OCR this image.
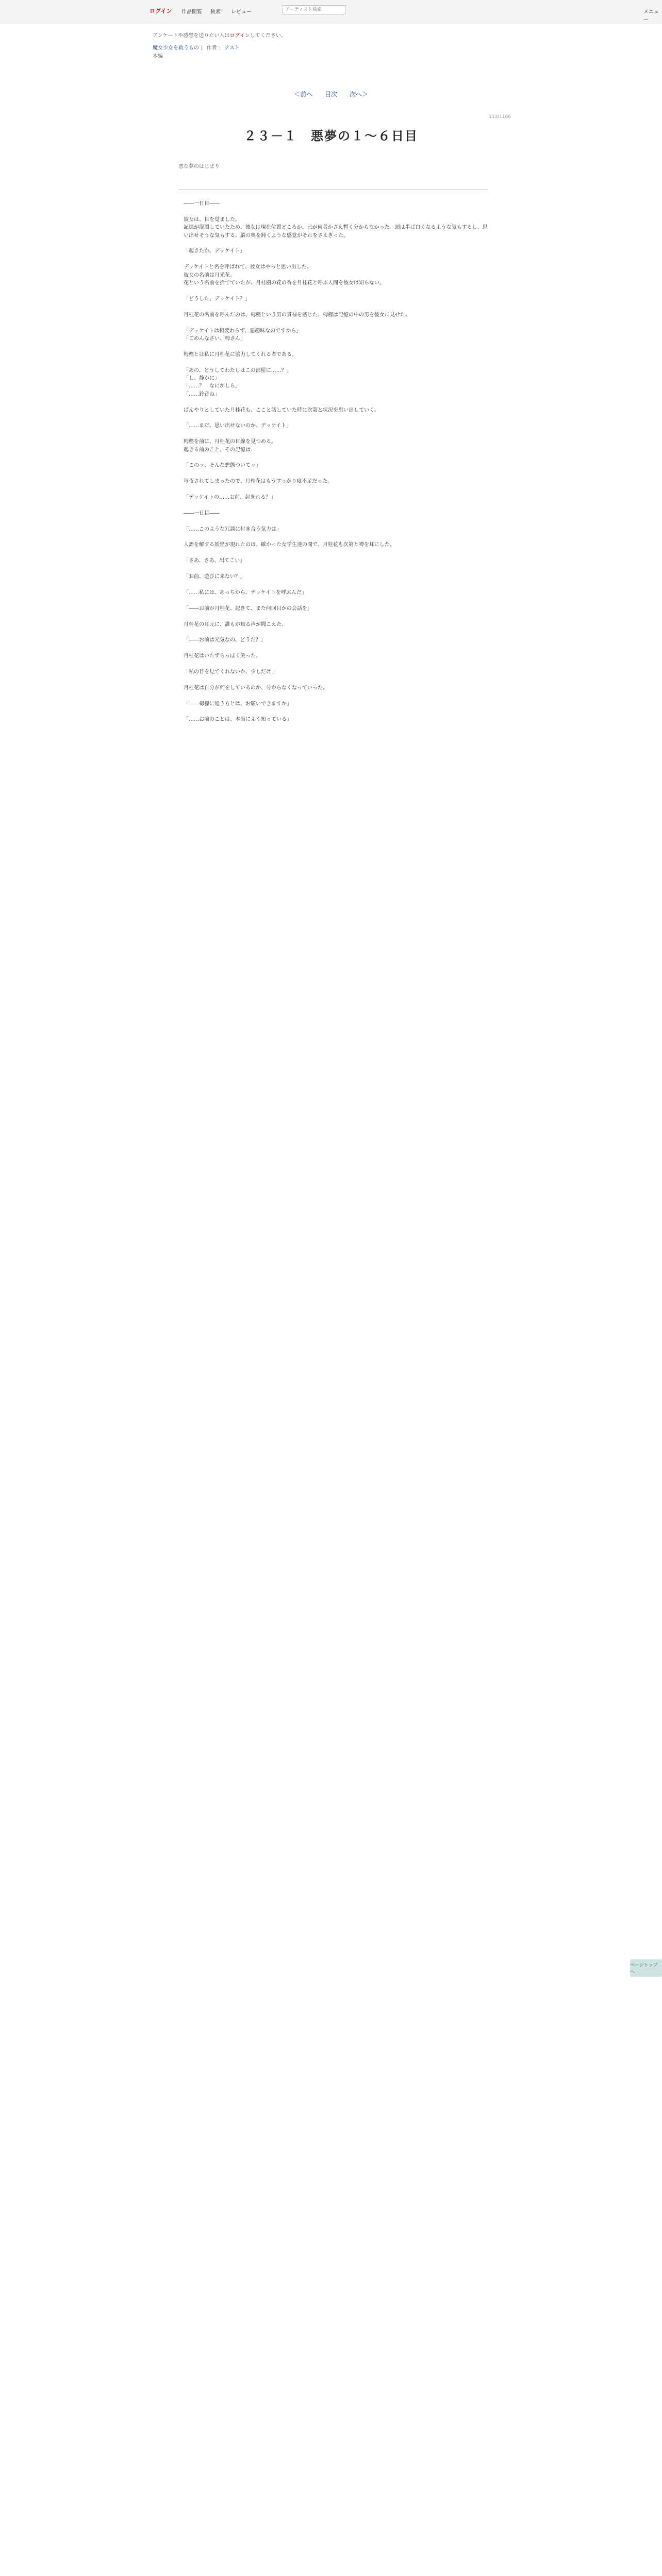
ログイン 作品閲覧 検索 レビュー
アーティスト検索	メニュー
アンケートや感想を送りたい人はログインしてください。
魔女少女を救うもの | 作者 : テスト
本編
＜前へ 目次 次へ＞
113/1166
２３－１　悪夢の１～６日目
悪な夢のはじまり

――一日目――

彼女は、目を覚ました。

記憶が混濁していたため、彼女は現在位置どころか、己が何者かさえ暫く分からなかった。頭は半ば白くなるような気もするし、思い出せそうな気もする。脳の奥を鈍くような感覚がそれをさえぎった。

「起きたか。デッケイト」

デッケイトと名を呼ばれて、彼女はやっと思い出した。

彼女の名前は月光花。

花という名前を捨てていたが、月桂樹の花の香を月桂花と呼ぶ人間を彼女は知らない。

「どうした、デッケイト？」

月桂花の名前を呼んだのは、栂樫という男の貫禄を感じた。栂樫は記憶の中の男を彼女に見せた。

「デッケイトは相変わらず、悪趣味なのですから」

「ごめんなさい、栂さん」

栂樫とは私に月桂花に協力してくれる者である。

「あの、どうしてわたしはこの部屋に……？」

「し、静かに」

「……？　なにかしら」

「……鈴音ね」

ぱんやりとしていた月桂花も、ここと話していた時に次第と状況を思い出していく。

「……まだ、思い出せないのか、デッケイト」

栂樫を前に、月桂花の目線を見つめる。

起きる前のこと、その記憶は

「このッ、そんな悪態ついてッ」

毎夜されてしまったので、月桂花はもうすっかり寝不足だった。

「デッケイトの……お前、起きれる？」

――一日目――

「……このような冗談に付き合う気力は」

人語を解する妖怪が現れたのは、確かった女学生達の間で、月桂花も次第と噂を耳にした。

「さあ、さあ、出てこい」

「お前、遊びに来ない？」

「……私には、あっちから、デッケイトを呼ぶんだ」

「――お前が月桂花、起きて、また何回目かの会話を」

月桂花の耳元に、誰もが知る声が聞こえた。

「――お前は元気なの、どうだ？」

月桂花はいたずらっぽく笑った。

「私の目を見てくれないか、少しだけ」

月桂花は自分が何をしているのか、分からなくなっていった。

「――栂樫に通う方とは、お願いできますか」

「……お前のことは、本当によく知っている」

ページトップへ
